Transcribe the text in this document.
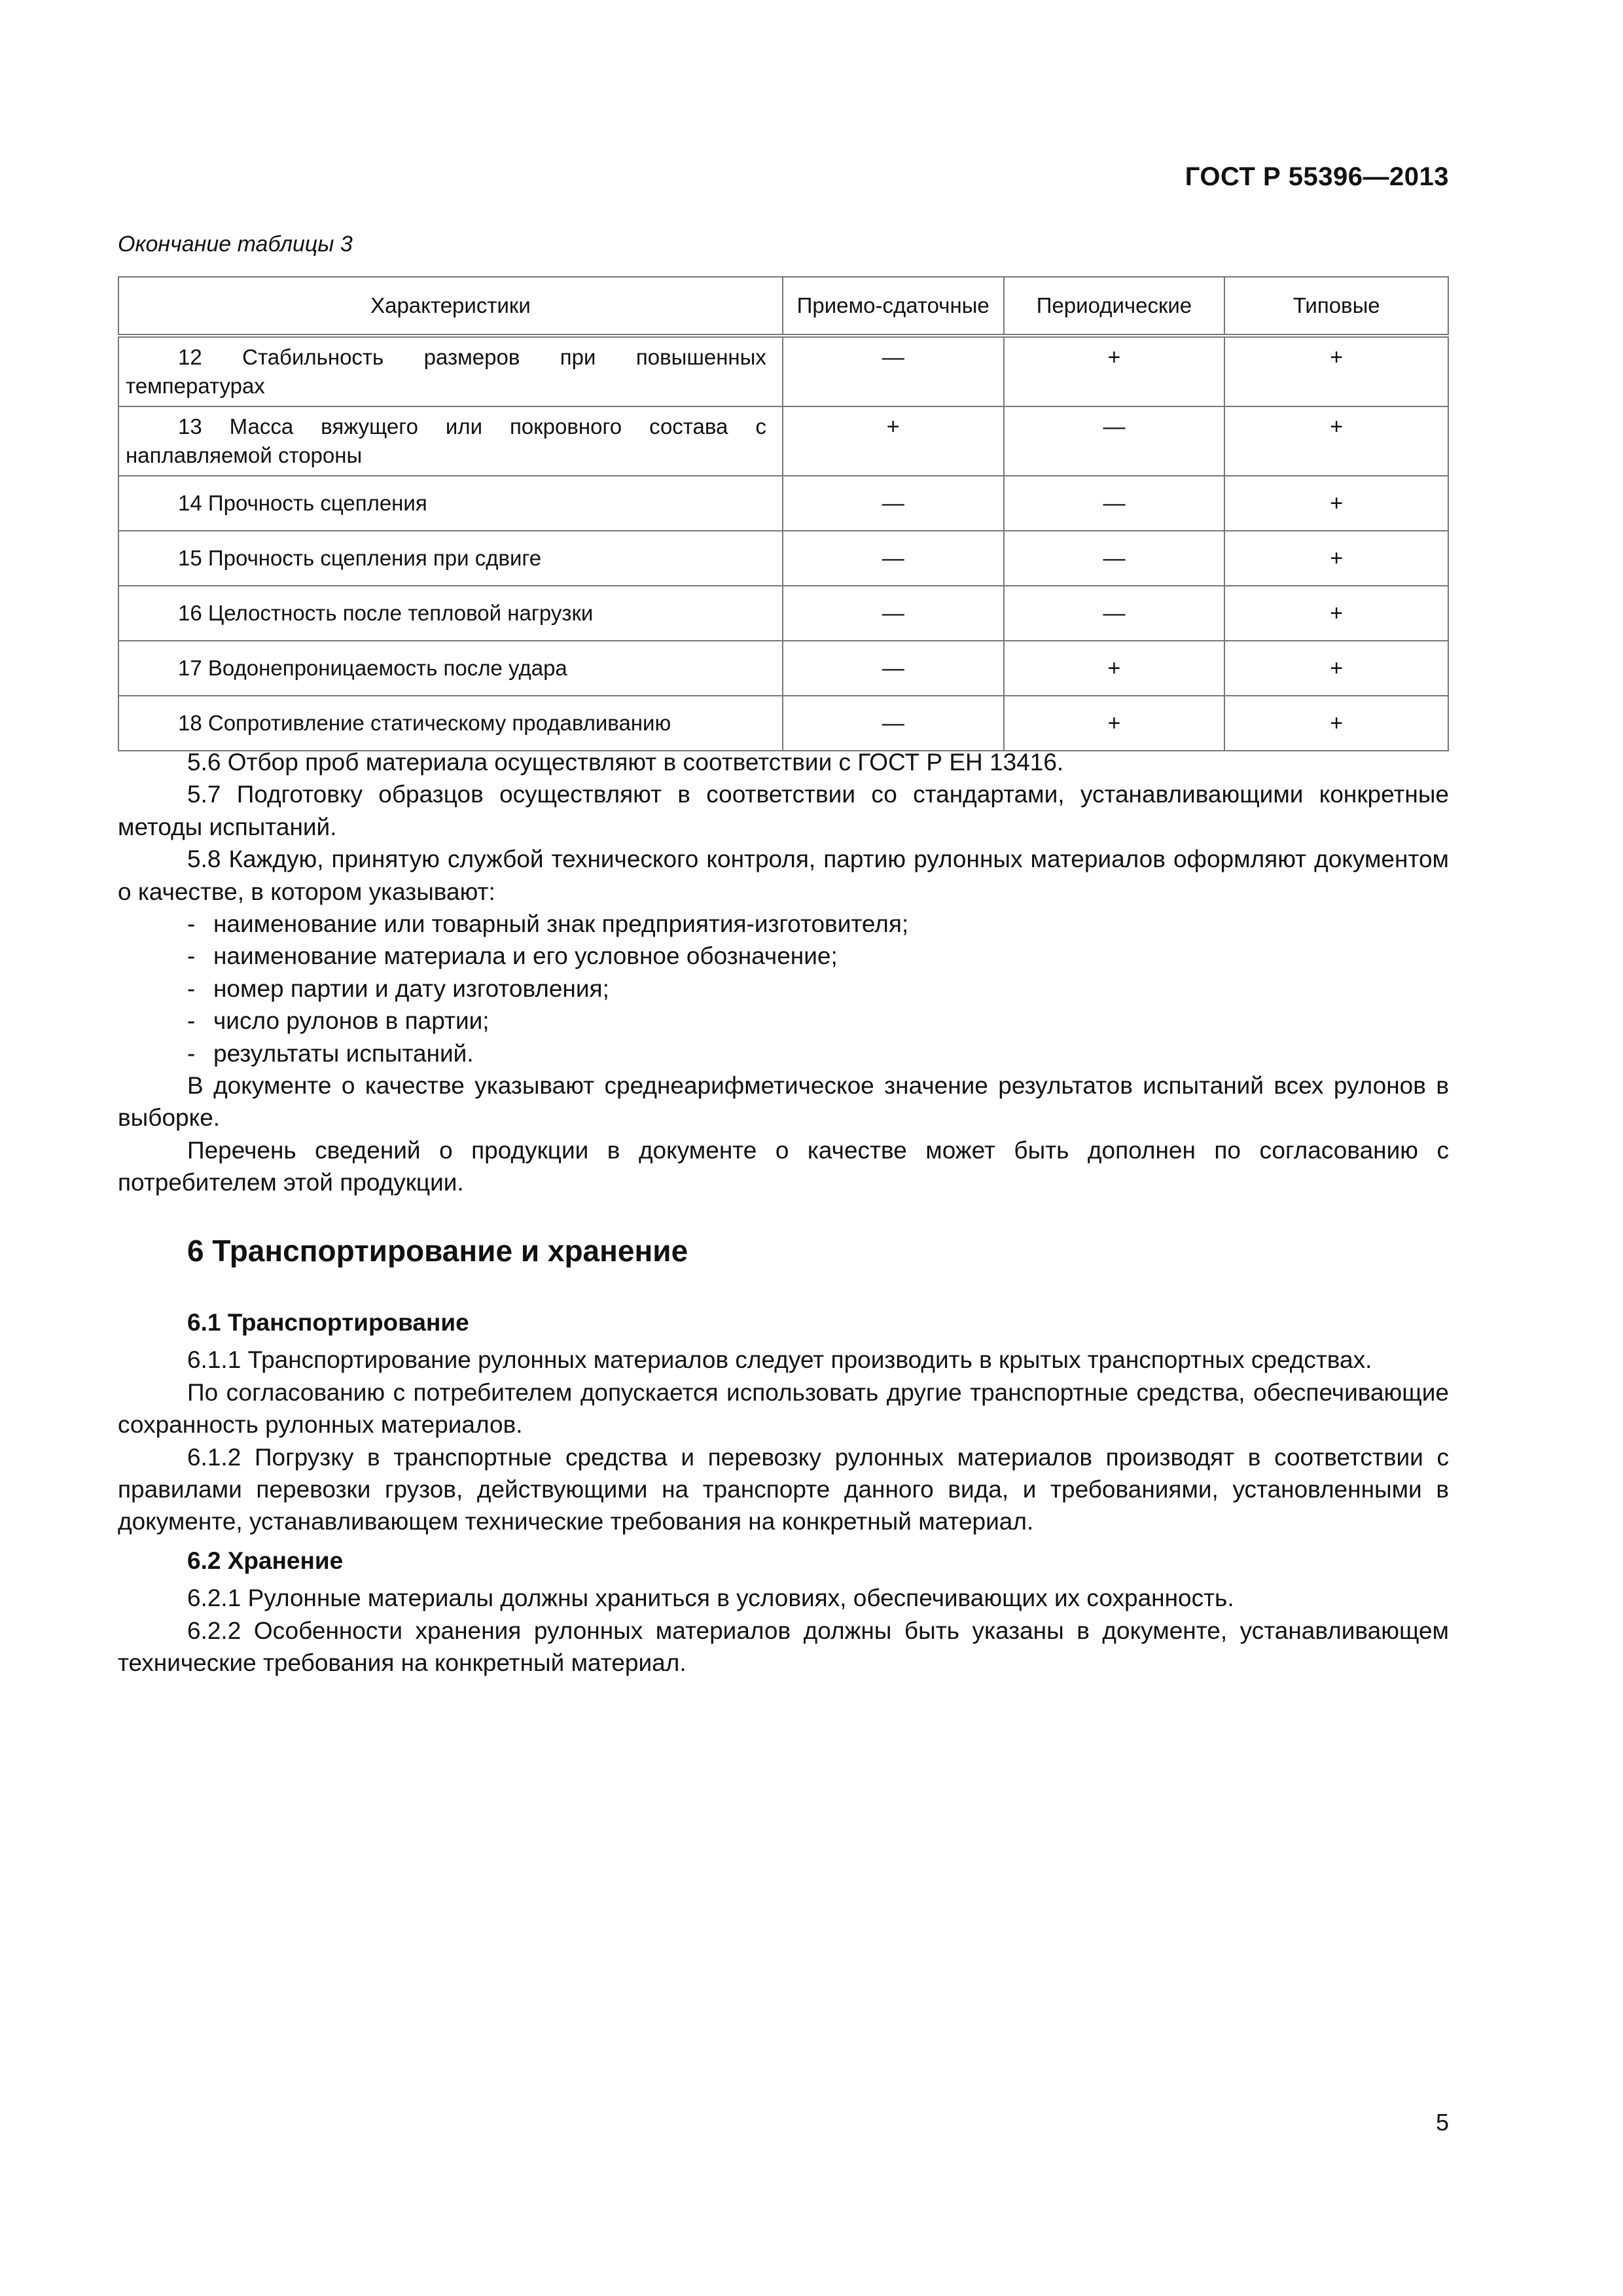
ГОСТ Р 55396—2013
Окончание таблицы 3
Характеристики	Приемо-сдаточные	Периодические	Типовые
12 Стабильность размеров при повышенных температурах	—	+	+
13 Масса вяжущего или покровного состава с наплавляемой стороны	+	—	+
14 Прочность сцепления	—	—	+
15 Прочность сцепления при сдвиге	—	—	+
16 Целостность после тепловой нагрузки	—	—	+
17 Водонепроницаемость после удара	—	+	+
18 Сопротивление статическому продавливанию	—	+	+

5.6 Отбор проб материала осуществляют в соответствии с ГОСТ Р ЕН 13416.

5.7 Подготовку образцов осуществляют в соответствии со стандартами, устанавливающими конкретные методы испытаний.

5.8 Каждую, принятую службой технического контроля, партию рулонных материалов оформляют документом о качестве, в котором указывают:

- наименование или товарный знак предприятия-изготовителя;

- наименование материала и его условное обозначение;

- номер партии и дату изготовления;

- число рулонов в партии;

- результаты испытаний.

В документе о качестве указывают среднеарифметическое значение результатов испытаний всех рулонов в выборке.

Перечень сведений о продукции в документе о качестве может быть дополнен по согласованию с потребителем этой продукции.

6 Транспортирование и хранение

6.1 Транспортирование

6.1.1 Транспортирование рулонных материалов следует производить в крытых транспортных средствах.

По согласованию с потребителем допускается использовать другие транспортные средства, обеспечивающие сохранность рулонных материалов.

6.1.2 Погрузку в транспортные средства и перевозку рулонных материалов производят в соответствии с правилами перевозки грузов, действующими на транспорте данного вида, и требованиями, установленными в документе, устанавливающем технические требования на конкретный материал.

6.2 Хранение

6.2.1 Рулонные материалы должны храниться в условиях, обеспечивающих их сохранность.

6.2.2 Особенности хранения рулонных материалов должны быть указаны в документе, устанавливающем технические требования на конкретный материал.

5
